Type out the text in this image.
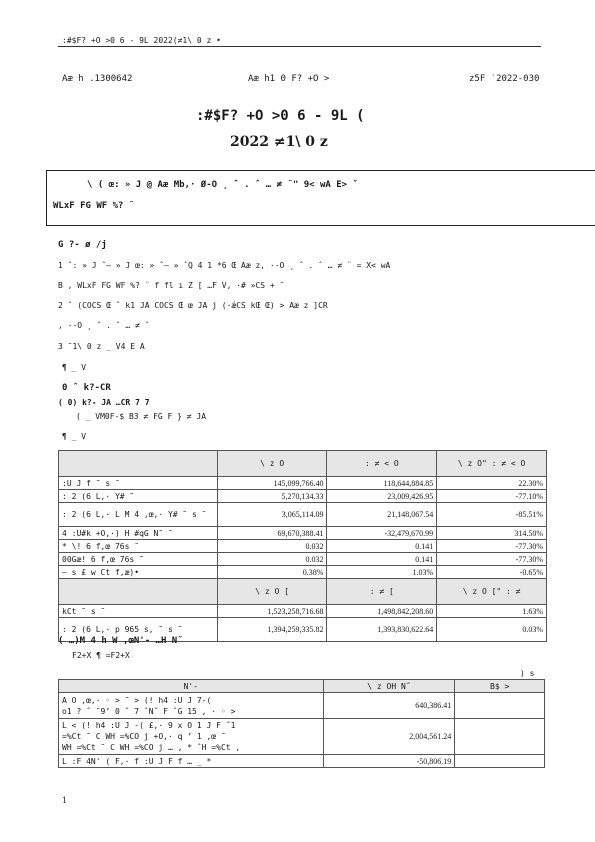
:#$F? +O >0 6 - 9L 2022(≠1\ 0 z •
Aæ h .1300642	Aæ h1 0 F? +O >	z5F ′2022-030
:#$F? +O >0 6 - 9L (
2022 ≠1\ 0 z
\ ( œ: » J @ Aæ Mb,· Ø-O ¸ ˆ . ˆ … ≠ ¨" 9< wA E> ˇ
WLxF FG WF %? ˜
G ?- ø /j
1 ˆ: » J ˆ– » J œ: » ˆ– » ˆQ 4 1 *6 Œ Aæ z, ·-O ¸ ˆ . ˆ … ≠ ¨ = X< wA
B , WLxF FG WF %? ¨ f fl ı Z [ …F V, ·# »CS + ˜
2 ˆ (COCS Œ ˆ k1 JA COCS Œ œ JA j (·ǽCS kŒ Œ) > Aæ z ]CR
, ·-O ¸ ˆ . ˆ … ≠ ˆ
3 ˜1\ 0 z _ V4 E A
¶ _ V
0 ˆ k?-CR
( 0) k?- JA …CR 7 7
( _ VM0F-$ B3 ≠ FG F } ≠ JA
¶ _ V
	\ z O	: ≠ < O	\ z O" : ≠ < O
:U J f ˜ s ˜	145,099,766.40	118,644,884.85	22.30%
: 2 (6 L,· Y# ˜	5,270,134.33	23,009,426.95	-77.10%
: 2 (6 L,· L M 4 ,œ,· Y# ˜ s ˜	3,065,114.09	21,148,067.54	-85.51%
4 :U#k +O,·) H #qG N˜ ˜	69,670,388.41	-32,479,670.99	314.50%
* \! 6 f,œ 76s ˜	0.032	0.141	-77.30%
00Gæ! 6 f,œ 76s ˜	0.032	0.141	-77.30%
– s £ w Ct f,æ)•	0.38%	1.03%	-0.65%
	\ z O [	: ≠ [	\ z O [" : ≠
kCt ˜ s ˜	1,523,258,716.68	1,498,842,208.60	1.63%
: 2 (6 L,· p 965 s, ˜ s ˜	1,394,259,335.82	1,393,830,622.64	0.03%
( …)M 4 h W ,œN'- …H N˝
F2+X ¶ =F2+X
) s
N'-	\ z OH N˝	B$ >

A O ,œ,· ◦ > ˜ > (! h4 :U J 7-(
o1 ? ˆ ˜9’ 0 ˆ 7 ˆN˝ F ˆG 15 , · ◦ >	640,386.41	

L < (! h4 :U J -( £,· 9 x O 1 J F ˝1
=%Ct ˜ C WH =%CO j +O,· q ’ 1 ,œ ˜
WH =%Ct ˜ C WH =%CO j … , * ˆH =%Ct ,	2,004,561.24	
L :F 4N' ( F,· f :U J F f … _ *	-50,806.19	
1
